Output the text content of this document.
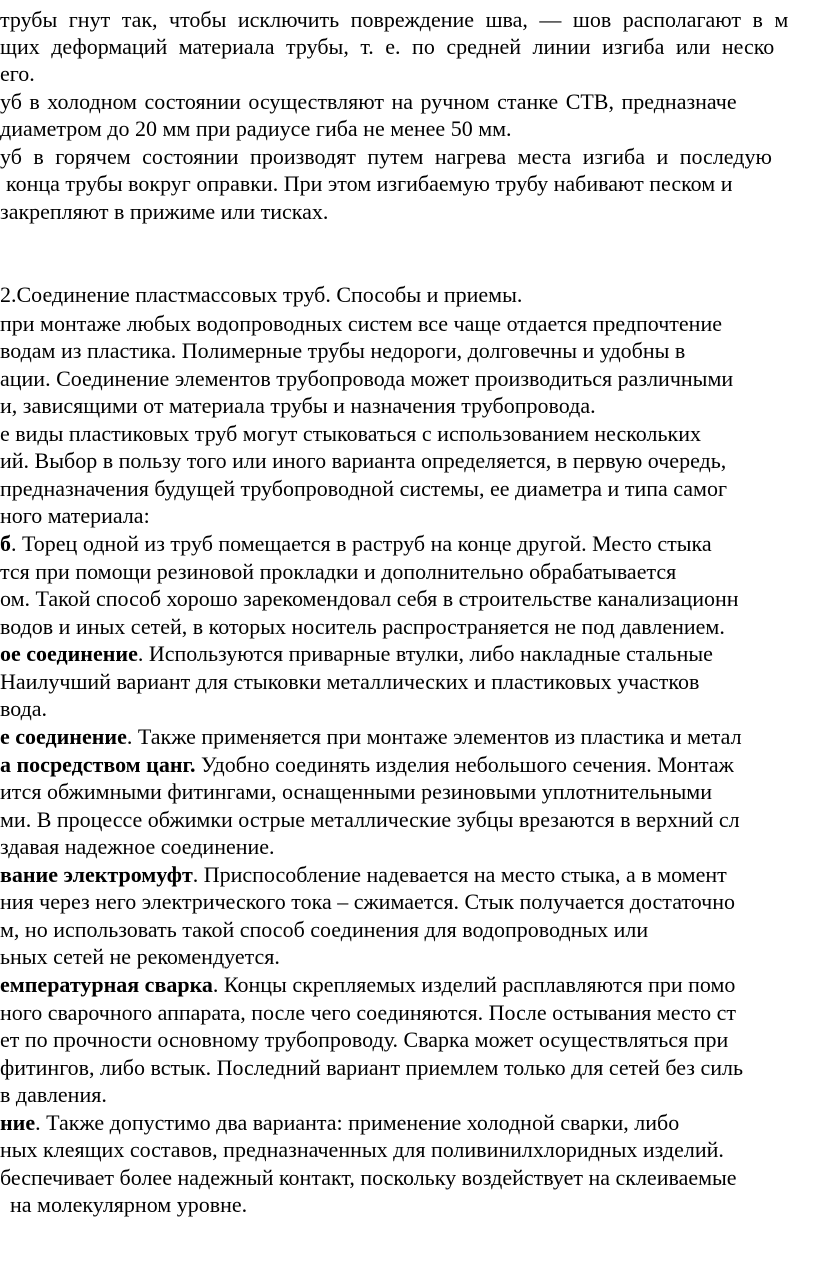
трубы гнут так, чтобы исключить повреждение шва, — шов располагают в м
щих деформаций материала трубы, т. е. по средней линии изгиба или неско
его.
уб в холодном состоянии осуществляют на ручном станке СТВ, предназначе
диаметром до 20 мм при радиусе гиба не менее 50 мм.
уб в горячем состоянии производят путем нагрева места изгиба и последую
конца трубы вокруг оправки. При этом изгибаемую трубу набивают песком и
закрепляют в прижиме или тисках.
2.Соединение пластмассовых труб. Способы и приемы.
при монтаже любых водопроводных систем все чаще отдается предпочтение
водам из пластика. Полимерные трубы недороги, долговечны и удобны в
ации. Соединение элементов трубопровода может производиться различными
и, зависящими от материала трубы и назначения трубопровода.
е виды пластиковых труб могут стыковаться с использованием нескольких
ий. Выбор в пользу того или иного варианта определяется, в первую очередь,
предназначения будущей трубопроводной системы, ее диаметра и типа самог
ного материала:
б. Торец одной из труб помещается в раструб на конце другой. Место стыка
тся при помощи резиновой прокладки и дополнительно обрабатывается
ом. Такой способ хорошо зарекомендовал себя в строительстве канализационн
водов и иных сетей, в которых носитель распространяется не под давлением.
ое соединение. Используются приварные втулки, либо накладные стальные
Наилучший вариант для стыковки металлических и пластиковых участков
вода.
е соединение. Также применяется при монтаже элементов из пластика и метал
а посредством цанг. Удобно соединять изделия небольшого сечения. Монтаж
ится обжимными фитингами, оснащенными резиновыми уплотнительными
ми. В процессе обжимки острые металлические зубцы врезаются в верхний сл
здавая надежное соединение.
вание электромуфт. Приспособление надевается на место стыка, а в момент
ния через него электрического тока – сжимается. Стык получается достаточно
м, но использовать такой способ соединения для водопроводных или
ьных сетей не рекомендуется.
емпературная сварка. Концы скрепляемых изделий расплавляются при помо
ного сварочного аппарата, после чего соединяются. После остывания место ст
ет по прочности основному трубопроводу. Сварка может осуществляться при
фитингов, либо встык. Последний вариант приемлем только для сетей без силь
в давления.
ние. Также допустимо два варианта: применение холодной сварки, либо
ных клеящих составов, предназначенных для поливинилхлоридных изделий.
беспечивает более надежный контакт, поскольку воздействует на склеиваемые
на молекулярном уровне.
